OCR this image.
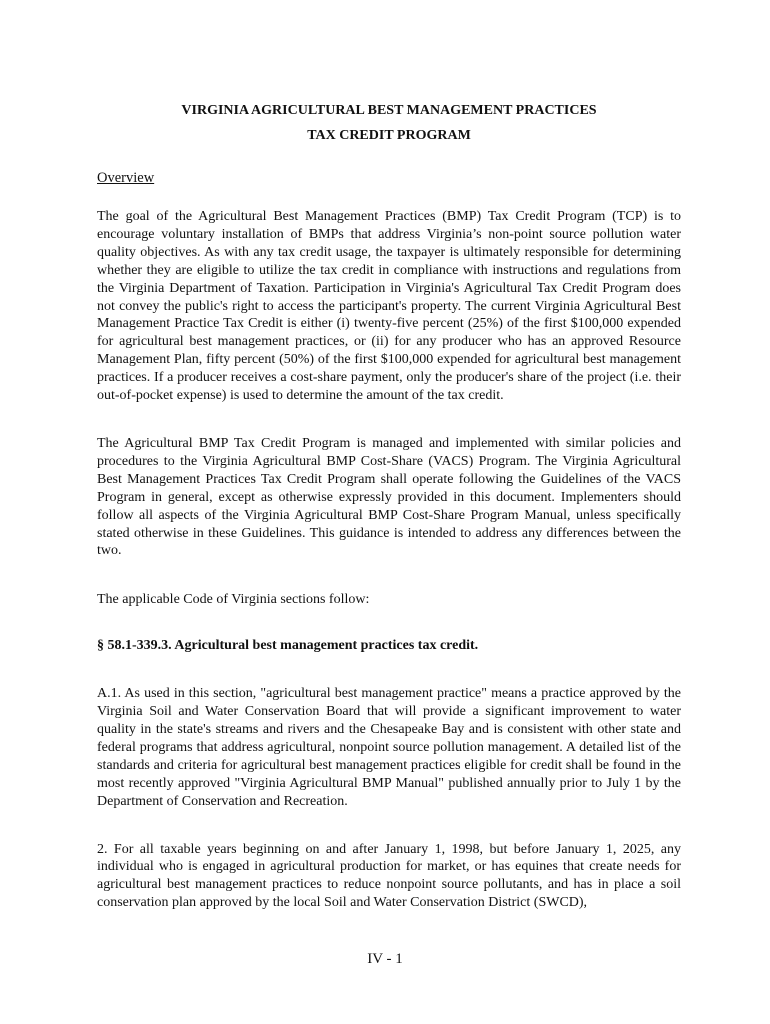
VIRGINIA AGRICULTURAL BEST MANAGEMENT PRACTICES

TAX CREDIT PROGRAM

Overview

The goal of the Agricultural Best Management Practices (BMP) Tax Credit Program (TCP) is to encourage voluntary installation of BMPs that address Virginia’s non-point source pollution water quality objectives. As with any tax credit usage, the taxpayer is ultimately responsible for determining whether they are eligible to utilize the tax credit in compliance with instructions and regulations from the Virginia Department of Taxation. Participation in Virginia's Agricultural Tax Credit Program does not convey the public's right to access the participant's property. The current Virginia Agricultural Best Management Practice Tax Credit is either (i) twenty-five percent (25%) of the first $100,000 expended for agricultural best management practices, or (ii) for any producer who has an approved Resource Management Plan, fifty percent (50%) of the first $100,000 expended for agricultural best management practices. If a producer receives a cost-share payment, only the producer's share of the project (i.e. their out-of-pocket expense) is used to determine the amount of the tax credit.

The Agricultural BMP Tax Credit Program is managed and implemented with similar policies and procedures to the Virginia Agricultural BMP Cost-Share (VACS) Program. The Virginia Agricultural Best Management Practices Tax Credit Program shall operate following the Guidelines of the VACS Program in general, except as otherwise expressly provided in this document. Implementers should follow all aspects of the Virginia Agricultural BMP Cost-Share Program Manual, unless specifically stated otherwise in these Guidelines. This guidance is intended to address any differences between the two.

The applicable Code of Virginia sections follow:

§ 58.1-339.3. Agricultural best management practices tax credit.

A.1. As used in this section, "agricultural best management practice" means a practice approved by the Virginia Soil and Water Conservation Board that will provide a significant improvement to water quality in the state's streams and rivers and the Chesapeake Bay and is consistent with other state and federal programs that address agricultural, nonpoint source pollution management. A detailed list of the standards and criteria for agricultural best management practices eligible for credit shall be found in the most recently approved "Virginia Agricultural BMP Manual" published annually prior to July 1 by the Department of Conservation and Recreation.

2. For all taxable years beginning on and after January 1, 1998, but before January 1, 2025, any individual who is engaged in agricultural production for market, or has equines that create needs for agricultural best management practices to reduce nonpoint source pollutants, and has in place a soil conservation plan approved by the local Soil and Water Conservation District (SWCD),

IV - 1
